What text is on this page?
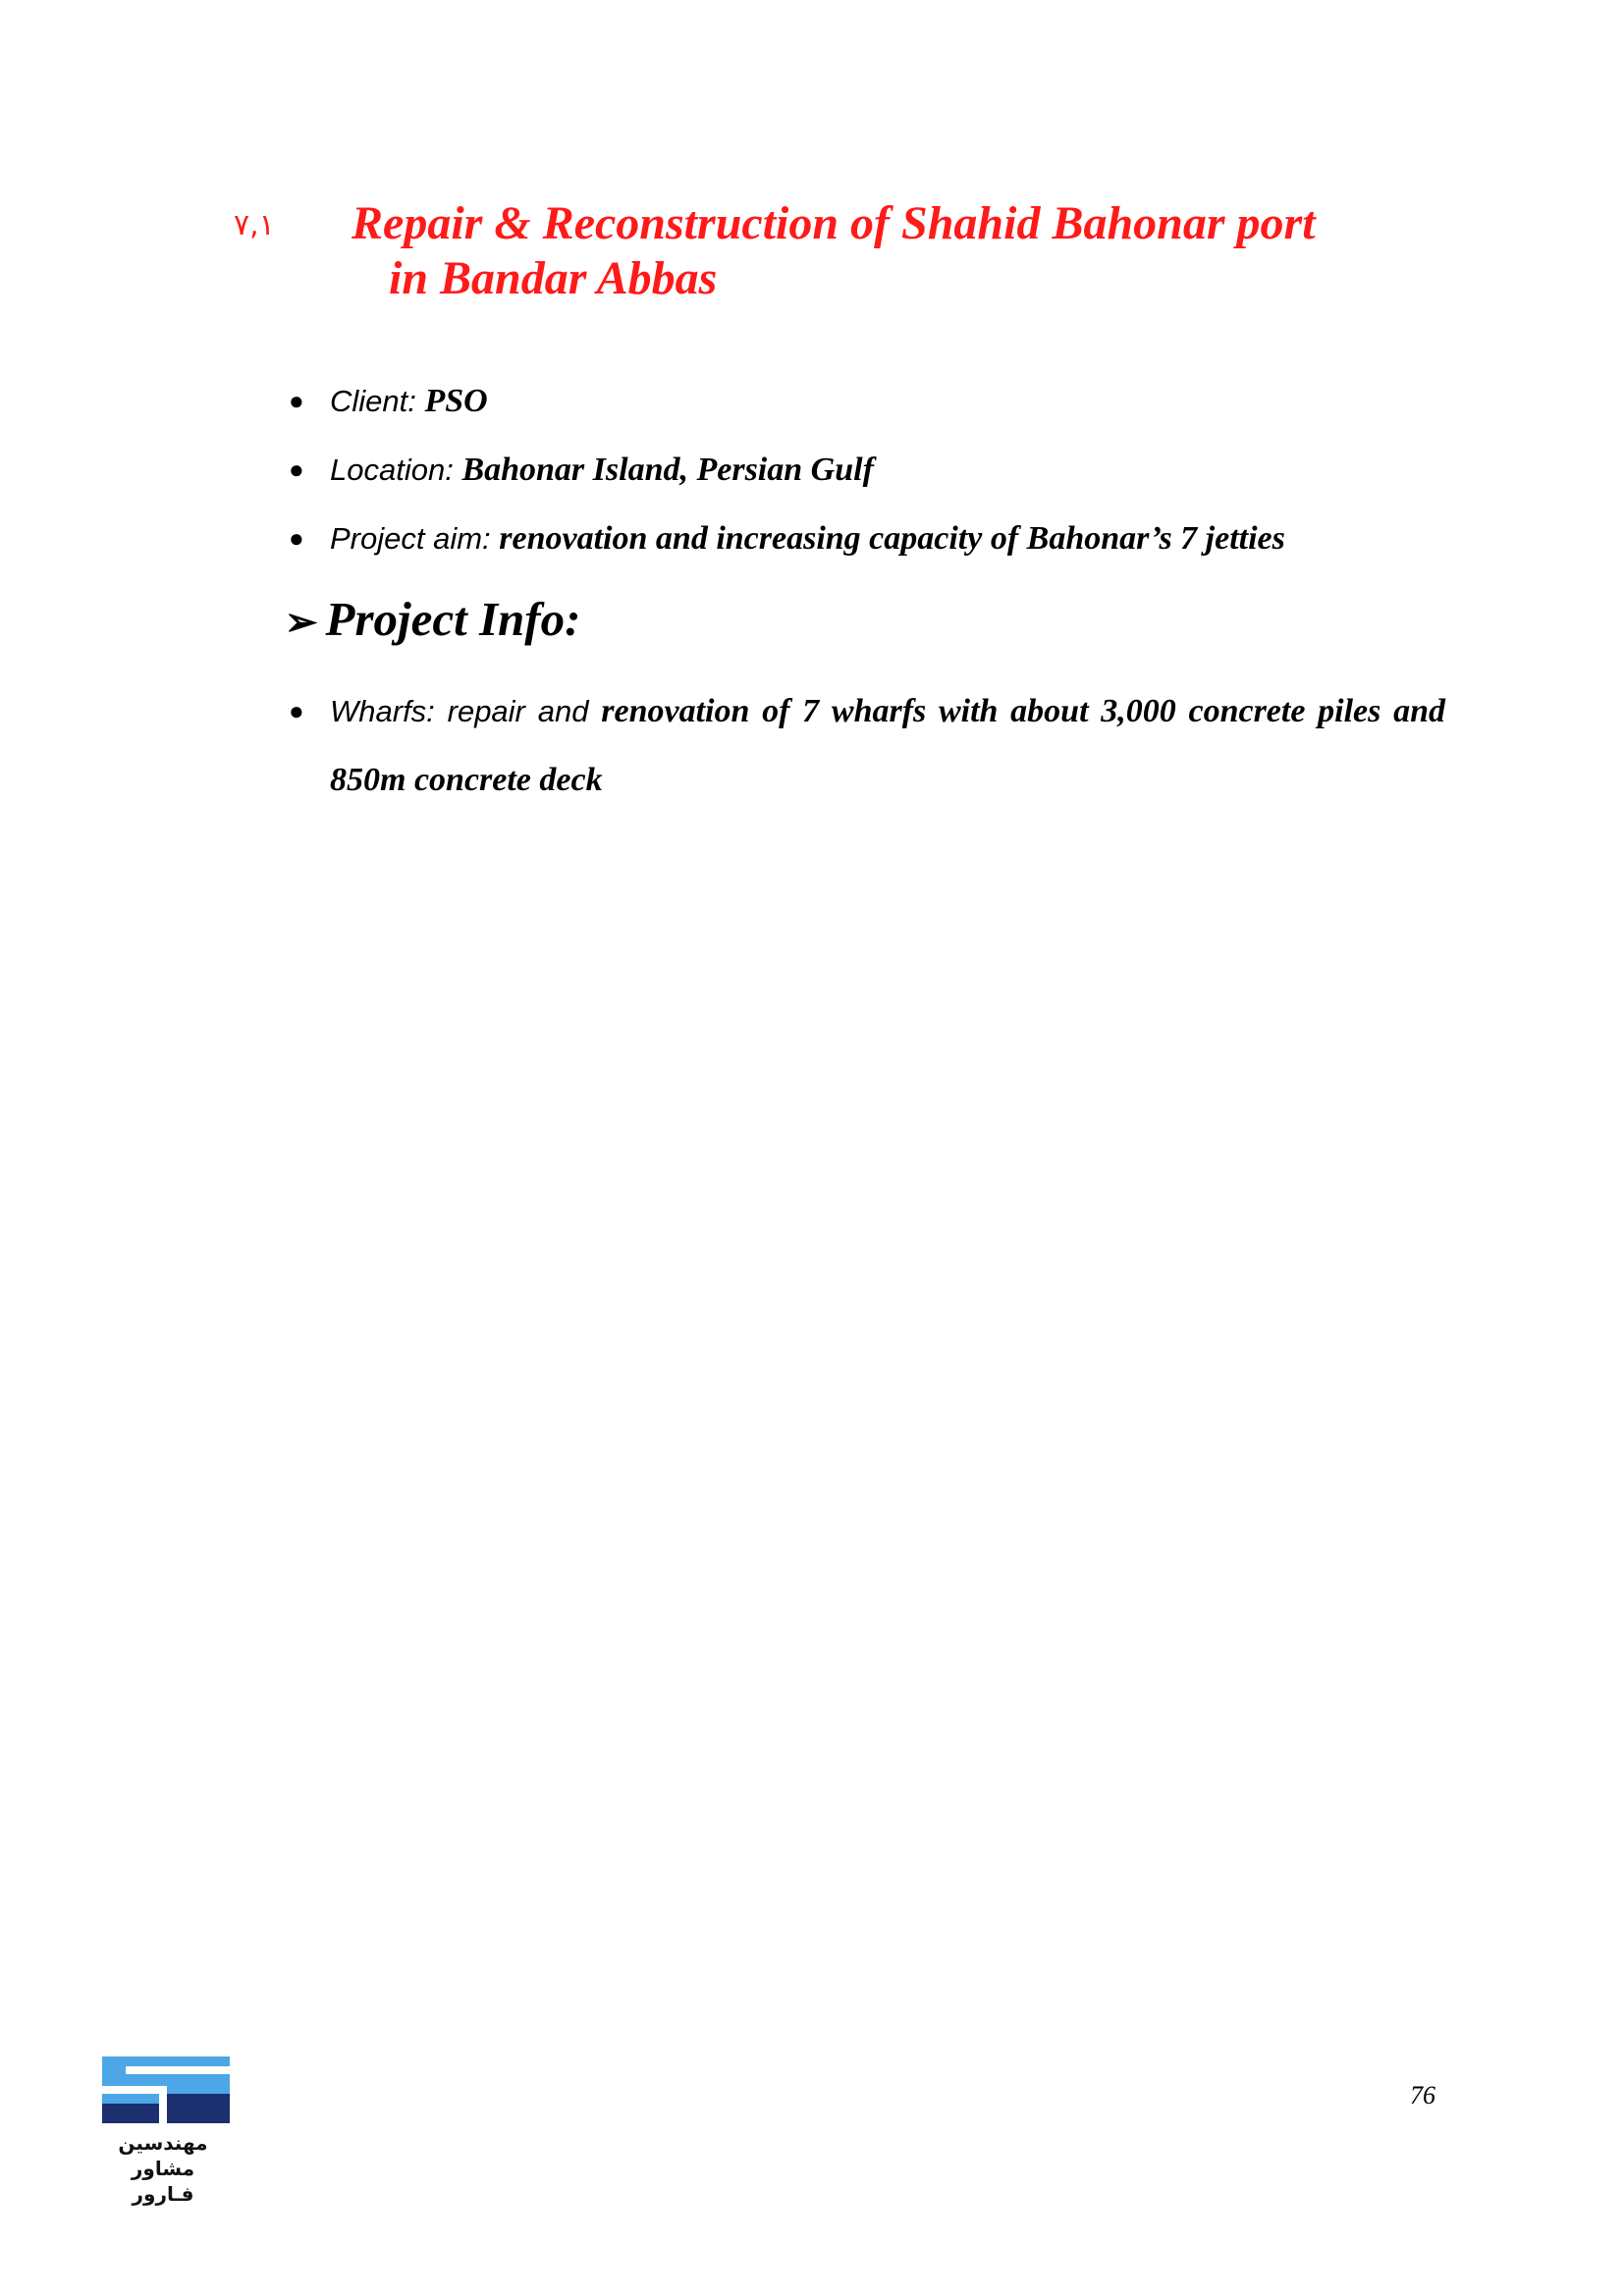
۷,۱ Repair & Reconstruction of Shahid Bahonar port
in Bandar Abbas
● Client: PSO
● Location: Bahonar Island, Persian Gulf
● Project aim: renovation and increasing capacity of Bahonar’s 7 jetties
➢ Project Info:
● Wharfs: repair and renovation of 7 wharfs with about 3,000 concrete piles and 850m concrete deck
مهندسین مشاور
فـارور
76
